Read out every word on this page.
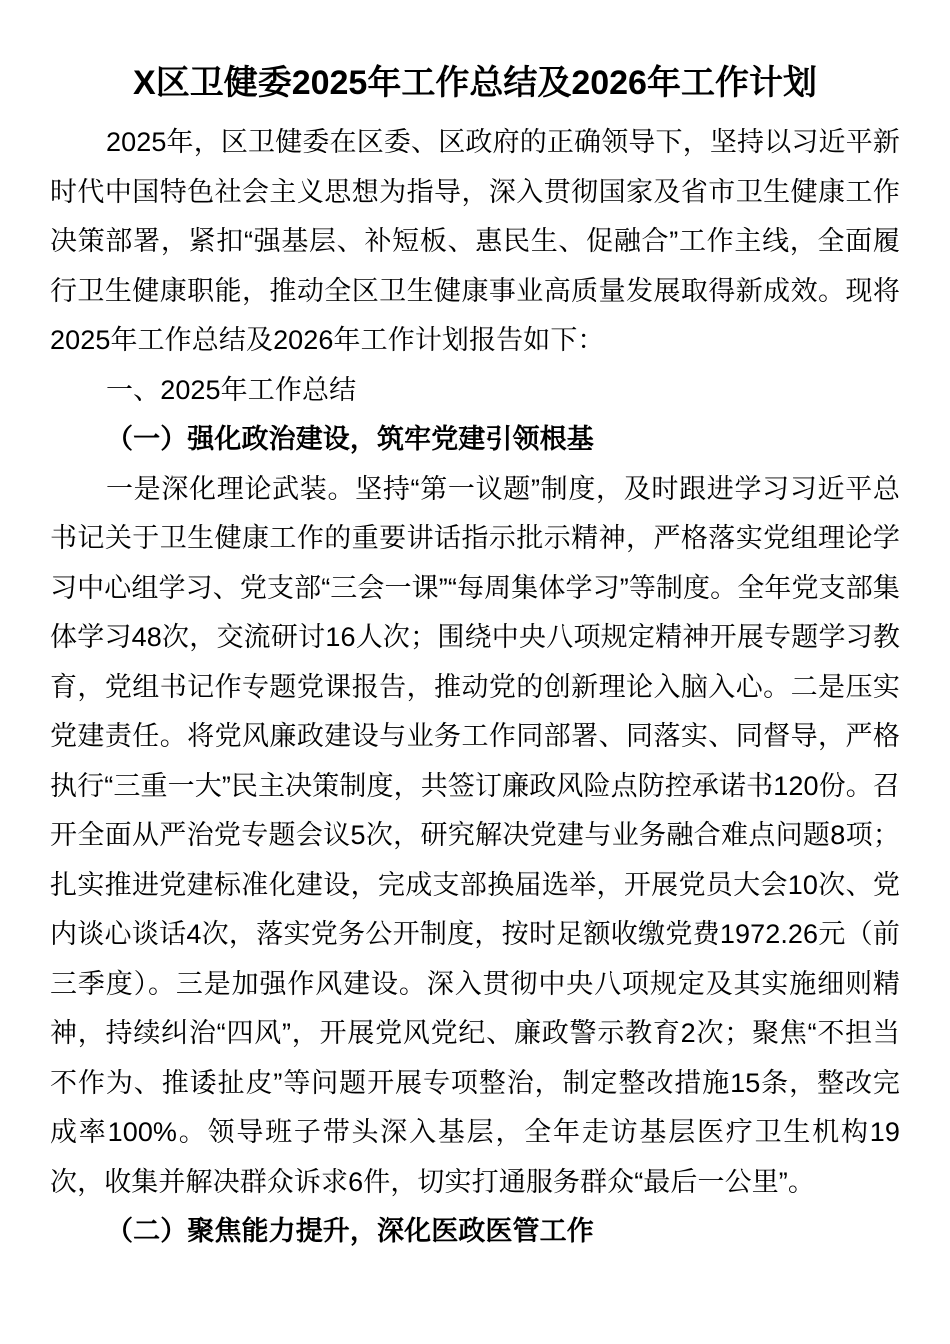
X区卫健委2025年工作总结及2026年工作计划

2025年，区卫健委在区委、区政府的正确领导下，坚持以习近平新时代中国特色社会主义思想为指导，深入贯彻国家及省市卫生健康工作决策部署，紧扣“强基层、补短板、惠民生、促融合”工作主线，全面履行卫生健康职能，推动全区卫生健康事业高质量发展取得新成效。现将2025年工作总结及2026年工作计划报告如下：

一、2025年工作总结

（一）强化政治建设，筑牢党建引领根基

一是深化理论武装。坚持“第一议题”制度，及时跟进学习习近平总书记关于卫生健康工作的重要讲话指示批示精神，严格落实党组理论学习中心组学习、党支部“三会一课”“每周集体学习”等制度。全年党支部集体学习48次，交流研讨16人次；围绕中央八项规定精神开展专题学习教育，党组书记作专题党课报告，推动党的创新理论入脑入心。二是压实党建责任。将党风廉政建设与业务工作同部署、同落实、同督导，严格执行“三重一大”民主决策制度，共签订廉政风险点防控承诺书120份。召开全面从严治党专题会议5次，研究解决党建与业务融合难点问题8项；扎实推进党建标准化建设，完成支部换届选举，开展党员大会10次、党内谈心谈话4次，落实党务公开制度，按时足额收缴党费1972.26元（前三季度）。三是加强作风建设。深入贯彻中央八项规定及其实施细则精神，持续纠治“四风”，开展党风党纪、廉政警示教育2次；聚焦“不担当不作为、推诿扯皮”等问题开展专项整治，制定整改措施15条，整改完成率100%。领导班子带头深入基层，全年走访基层医疗卫生机构19次，收集并解决群众诉求6件，切实打通服务群众“最后一公里”。

（二）聚焦能力提升，深化医政医管工作
